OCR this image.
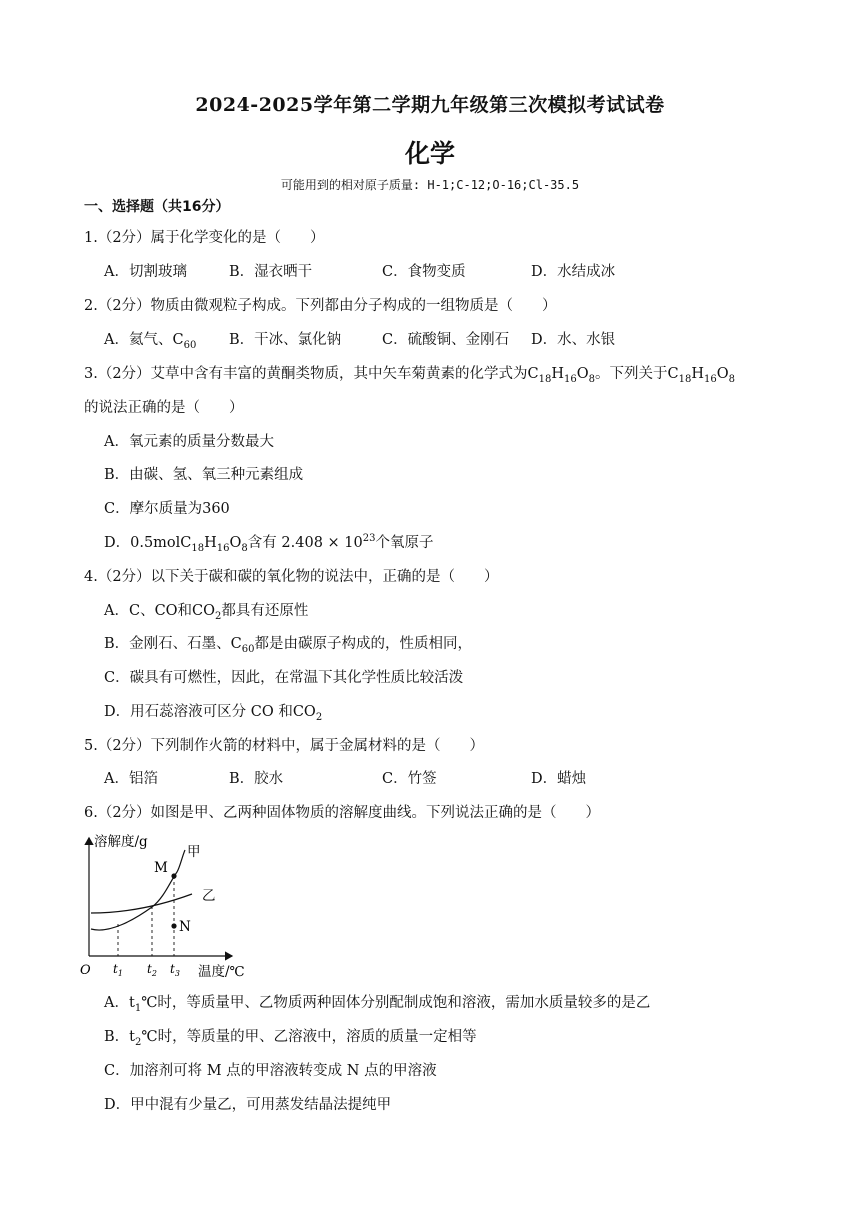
2024-2025学年第二学期九年级第三次模拟考试试卷
化学
可能用到的相对原子质量: H-1;C-12;O-16;Cl-35.5
一、选择题（共16分）
1.（2分）属于化学变化的是（　　）
A．切割玻璃	B．湿衣晒干	C．食物变质	D．水结成冰
2.（2分）物质由微观粒子构成。下列都由分子构成的一组物质是（　　）
A．氦气、$C_{60}$ B．干冰、氯化钠	C．硫酸铜、金刚石 D．水、水银
3.（2分）艾草中含有丰富的黄酮类物质，其中矢车菊黄素的化学式为$C_{18}H_{16}O_8$。下列关于$C_{18}H_{16}O_8$
的说法正确的是（　　）
A．氧元素的质量分数最大
B．由碳、氢、氧三种元素组成
C．摩尔质量为360
D．$0.5molC_{18}H_{16}O_8$含有 $2.408 \times 10^{23}$个氧原子
4.（2分）以下关于碳和碳的氧化物的说法中，正确的是（　　）
A．C、CO和$CO_2$都具有还原性
B．金刚石、石墨、$C_{60}$都是由碳原子构成的，性质相同，
C．碳具有可燃性，因此，在常温下其化学性质比较活泼
D．用石蕊溶液可区分 CO 和$CO_2$
5.（2分）下列制作火箭的材料中，属于金属材料的是（　　）
A．铝箔	B．胶水	C．竹签	D．蜡烛
6.（2分）如图是甲、乙两种固体物质的溶解度曲线。下列说法正确的是（　　）
溶解度/g
温度/℃
O
甲
乙
M
N
$t_1$ $t_2$ $t_3$
A．$t_1℃$时，等质量甲、乙物质两种固体分别配制成饱和溶液，需加水质量较多的是乙
B．$t_2℃$时，等质量的甲、乙溶液中，溶质的质量一定相等
C．加溶剂可将 M 点的甲溶液转变成 N 点的甲溶液
D．甲中混有少量乙，可用蒸发结晶法提纯甲
